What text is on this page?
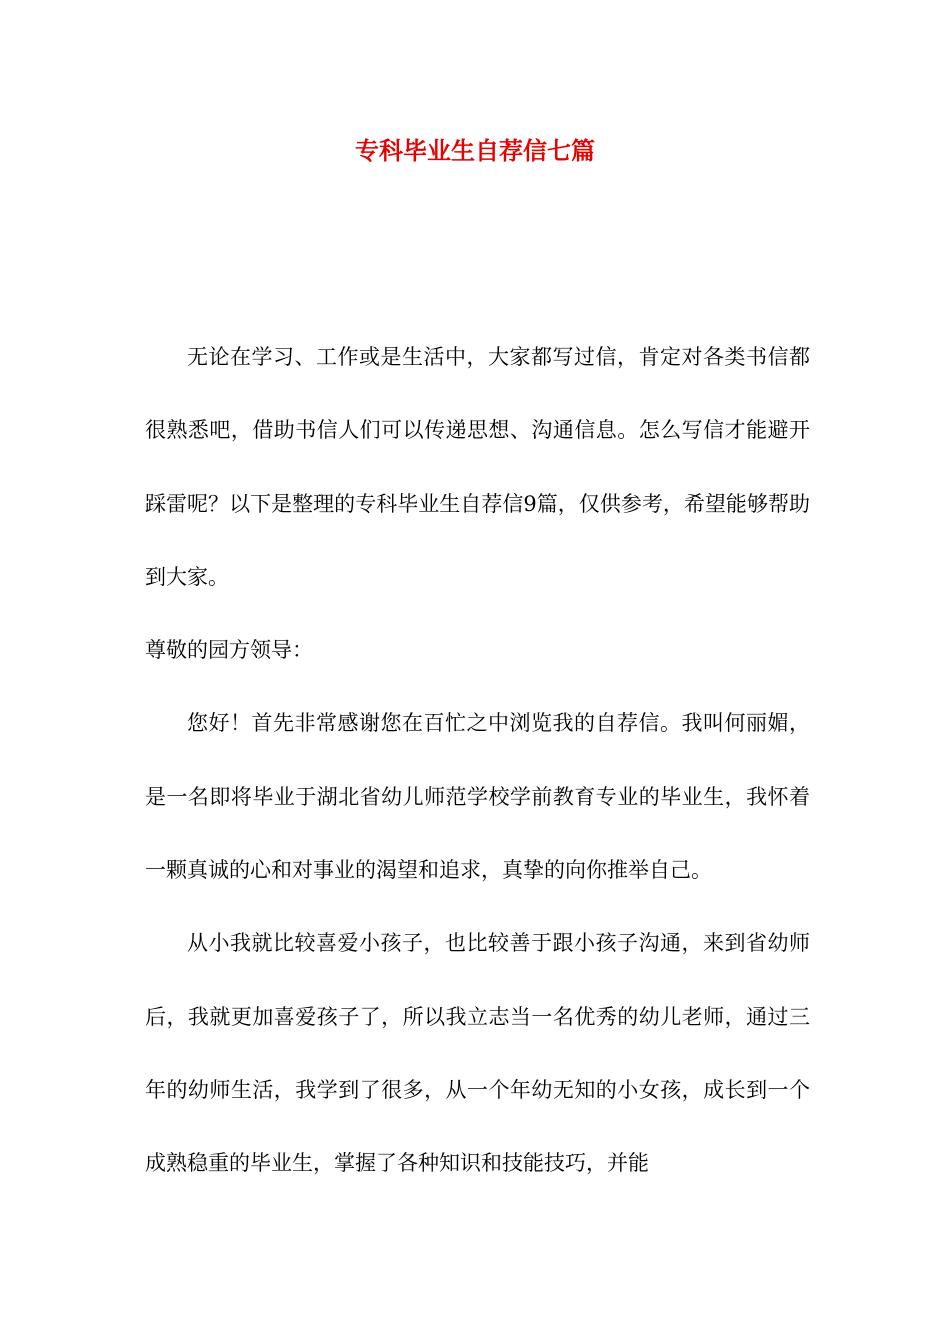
专科毕业生自荐信七篇

无论在学习、工作或是生活中，大家都写过信，肯定对各类书信都很熟悉吧，借助书信人们可以传递思想、沟通信息。怎么写信才能避开踩雷呢？以下是整理的专科毕业生自荐信9篇，仅供参考，希望能够帮助到大家。

尊敬的园方领导：

您好！首先非常感谢您在百忙之中浏览我的自荐信。我叫何丽媚，是一名即将毕业于湖北省幼儿师范学校学前教育专业的毕业生，我怀着一颗真诚的心和对事业的渴望和追求，真挚的向你推举自己。

从小我就比较喜爱小孩子，也比较善于跟小孩子沟通，来到省幼师后，我就更加喜爱孩子了，所以我立志当一名优秀的幼儿老师，通过三年的幼师生活，我学到了很多，从一个年幼无知的小女孩，成长到一个成熟稳重的毕业生，掌握了各种知识和技能技巧，并能
